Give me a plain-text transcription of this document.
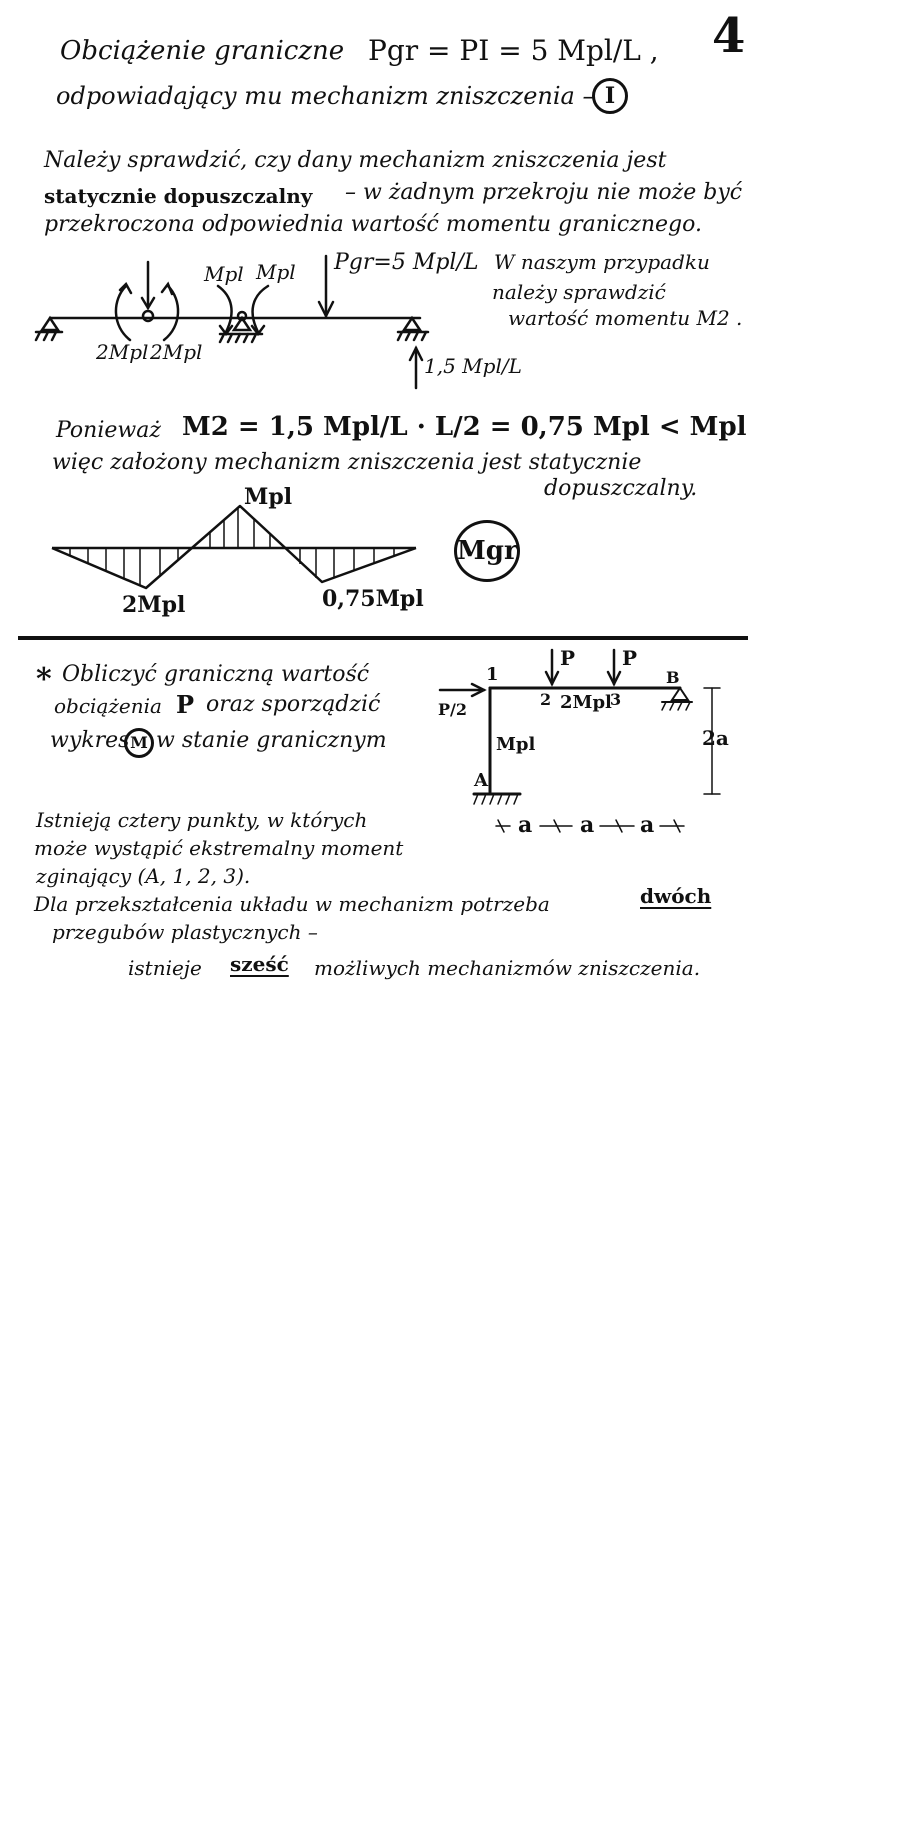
4
Obciążenie graniczne Pgr = PI = 5 Mpl/L ,
odpowiadający mu mechanizm zniszczenia – I
Należy sprawdzić, czy dany mechanizm zniszczenia jest
statycznie dopuszczalny – w żadnym przekroju nie może być
przekroczona odpowiednia wartość momentu granicznego.
2Mpl 2Mpl
Mpl Mpl Pgr=5 Mpl/L
1,5 Mpl/L
W naszym przypadku
należy sprawdzić
wartość momentu M2 .
Ponieważ M2 = 1,5 Mpl/L · L/2 = 0,75 Mpl < Mpl
więc założony mechanizm zniszczenia jest statycznie
dopuszczalny.
Mpl
2Mpl	0,75Mpl
Mgr
* Obliczyć graniczną wartość
obciążenia P oraz sporządzić
wykres M w stanie granicznym
1
2	3
B
A
P P
P/2	2Mpl
Mpl	2a
a a a
Istnieją cztery punkty, w których
może wystąpić ekstremalny moment
zginający (A, 1, 2, 3).
Dla przekształcenia układu w mechanizm potrzeba	dwóch
przegubów plastycznych –
istnieje sześć możliwych mechanizmów zniszczenia.
